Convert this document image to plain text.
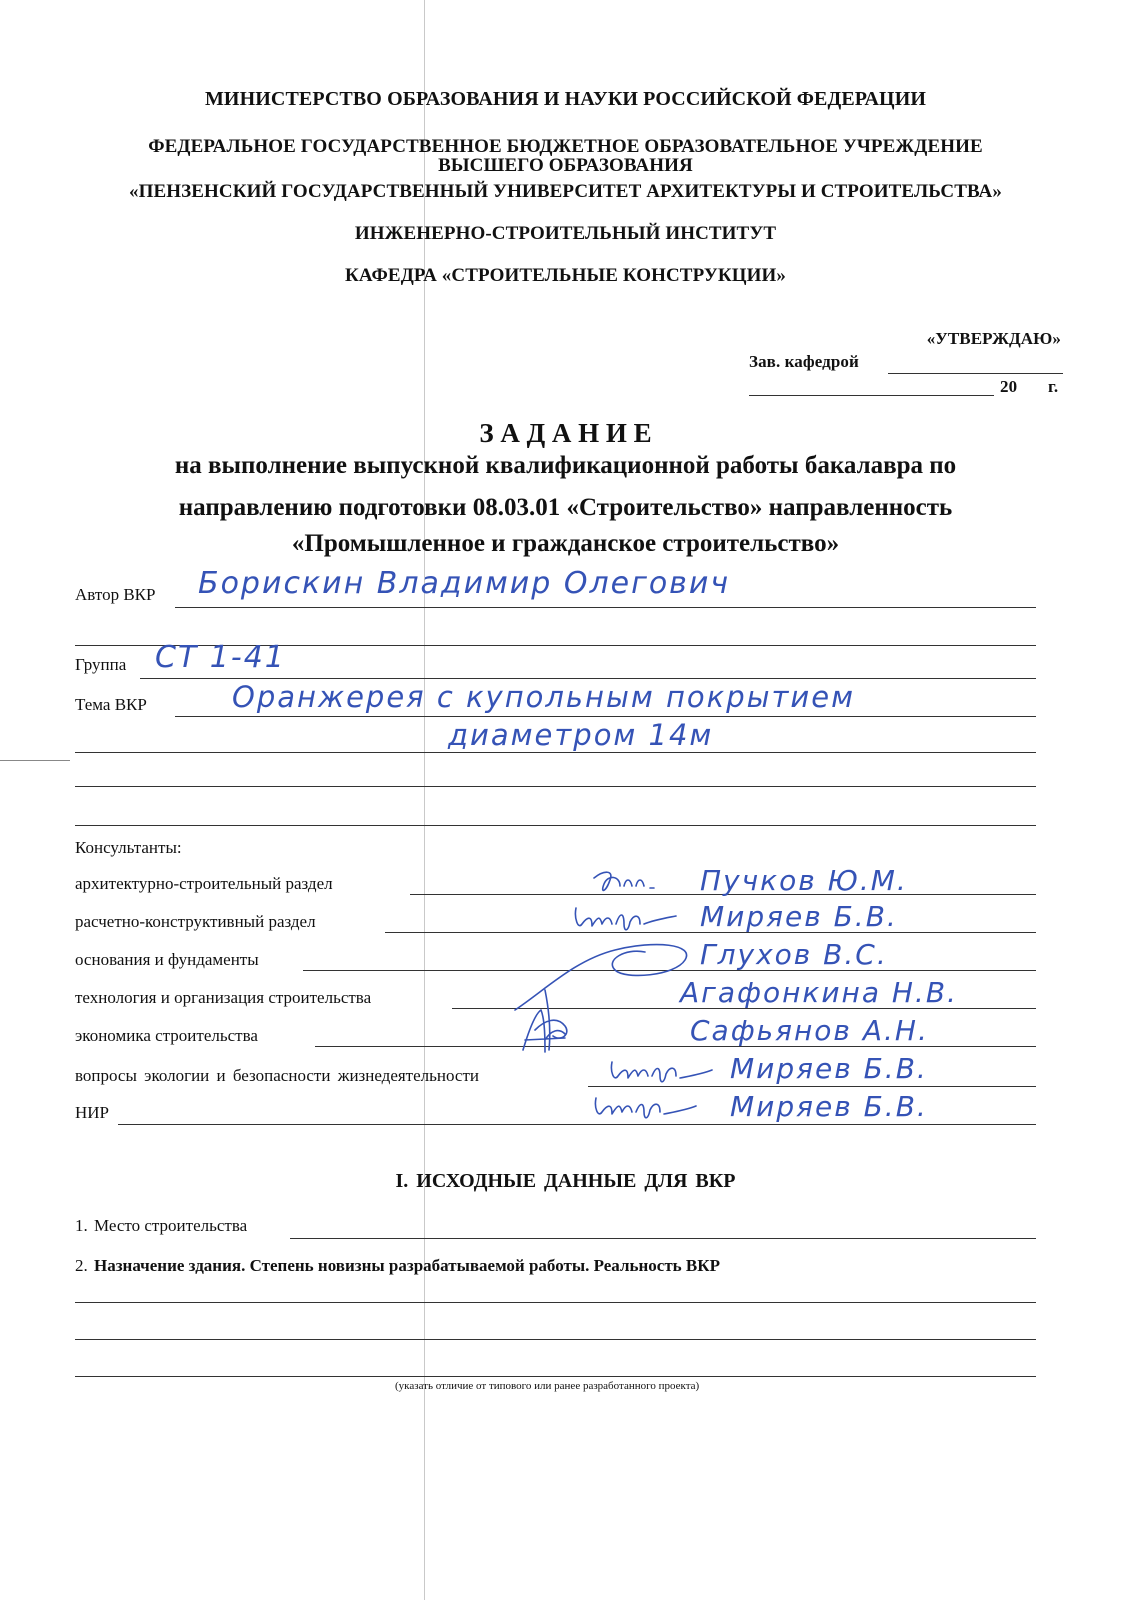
МИНИСТЕРСТВО ОБРАЗОВАНИЯ И НАУКИ РОССИЙСКОЙ ФЕДЕРАЦИИ
ФЕДЕРАЛЬНОЕ ГОСУДАРСТВЕННОЕ БЮДЖЕТНОЕ ОБРАЗОВАТЕЛЬНОЕ УЧРЕЖДЕНИЕ
ВЫСШЕГО ОБРАЗОВАНИЯ
«ПЕНЗЕНСКИЙ ГОСУДАРСТВЕННЫЙ УНИВЕРСИТЕТ АРХИТЕКТУРЫ И СТРОИТЕЛЬСТВА»
ИНЖЕНЕРНО-СТРОИТЕЛЬНЫЙ ИНСТИТУТ
КАФЕДРА «СТРОИТЕЛЬНЫЕ КОНСТРУКЦИИ»
«УТВЕРЖДАЮ»
Зав. кафедрой
20 г.
З А Д А Н И Е
на выполнение выпускной квалификационной работы бакалавра по
направлению подготовки 08.03.01 «Строительство» направленность
«Промышленное и гражданское строительство»
Автор ВКР Борискин Владимир Олегович
Группа СТ 1-41
Тема ВКР	Оранжерея с купольным покрытием
диаметром 14м
Консультанты:
архитектурно-строительный раздел	Пучков Ю.М.
расчетно-конструктивный раздел	Миряев Б.В.
основания и фундаменты	Глухов В.С.
технология и организация строительства	Агафонкина Н.В.
экономика строительства	Сафьянов А.Н.
вопросы экологии и безопасности жизнедеятельности	Миряев Б.В.
НИР	Миряев Б.В.
I. ИСХОДНЫЕ ДАННЫЕ ДЛЯ ВКР
1. Место строительства
2. Назначение здания. Степень новизны разрабатываемой работы. Реальность ВКР
(указать отличие от типового или ранее разработанного проекта)
